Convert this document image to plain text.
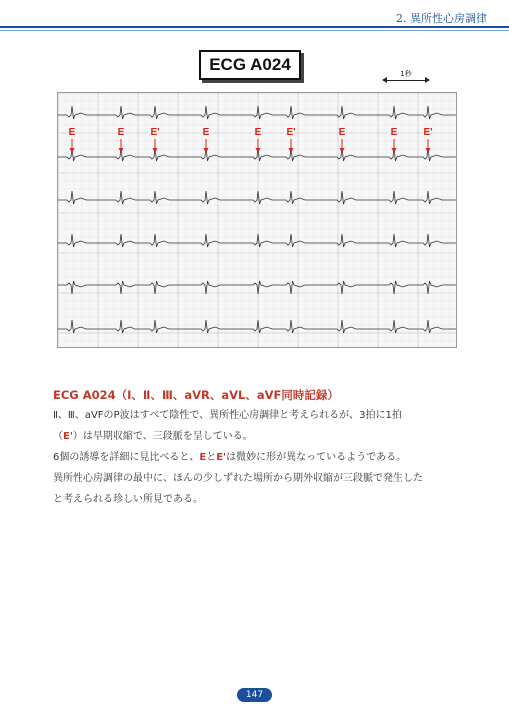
2. 異所性心房調律
ECG A024	1秒
E	E	E'	E	E	E'	E	E	E'
ECG A024（Ⅰ、Ⅱ、Ⅲ、aVR、aVL、aVF同時記録）
Ⅱ、Ⅲ、aVFのP波はすべて陰性で、異所性心房調律と考えられるが、3拍に1拍
（E'）は早期収縮で、三段脈を呈している。
6個の誘導を詳細に見比べると、EとE'は微妙に形が異なっているようである。
異所性心房調律の最中に、ほんの少しずれた場所から期外収縮が三段脈で発生した
と考えられる珍しい所見である。
147
